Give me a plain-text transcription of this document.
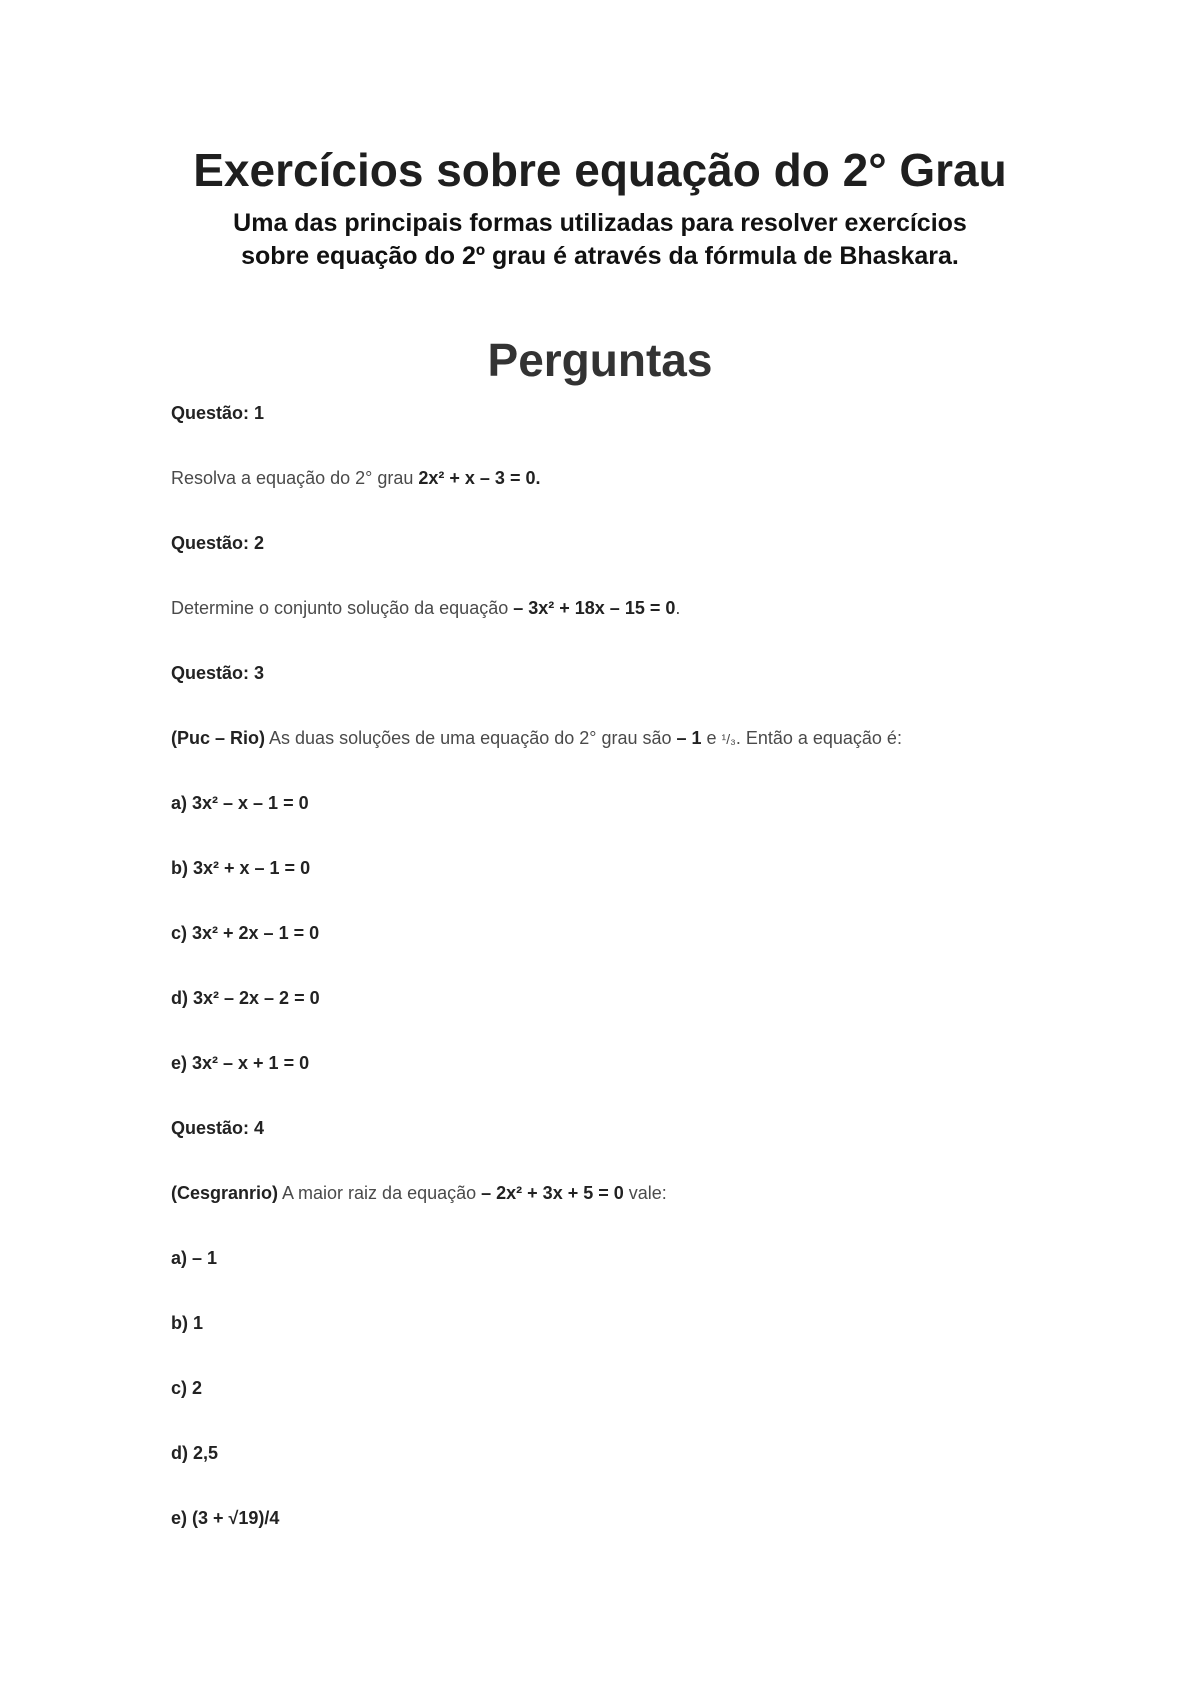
Exercícios sobre equação do 2° Grau
Uma das principais formas utilizadas para resolver exercícios
sobre equação do 2º grau é através da fórmula de Bhaskara.
Perguntas
Questão: 1
Resolva a equação do 2° grau 2x² + x – 3 = 0.
Questão: 2
Determine o conjunto solução da equação – 3x² + 18x – 15 = 0.
Questão: 3
(Puc – Rio) As duas soluções de uma equação do 2° grau são – 1 e ¹/₃. Então a equação é:
a) 3x² – x – 1 = 0
b) 3x² + x – 1 = 0
c) 3x² + 2x – 1 = 0
d) 3x² – 2x – 2 = 0
e) 3x² – x + 1 = 0
Questão: 4
(Cesgranrio) A maior raiz da equação – 2x² + 3x + 5 = 0 vale:
a) – 1
b) 1
c) 2
d) 2,5
e) (3 + √19)/4
